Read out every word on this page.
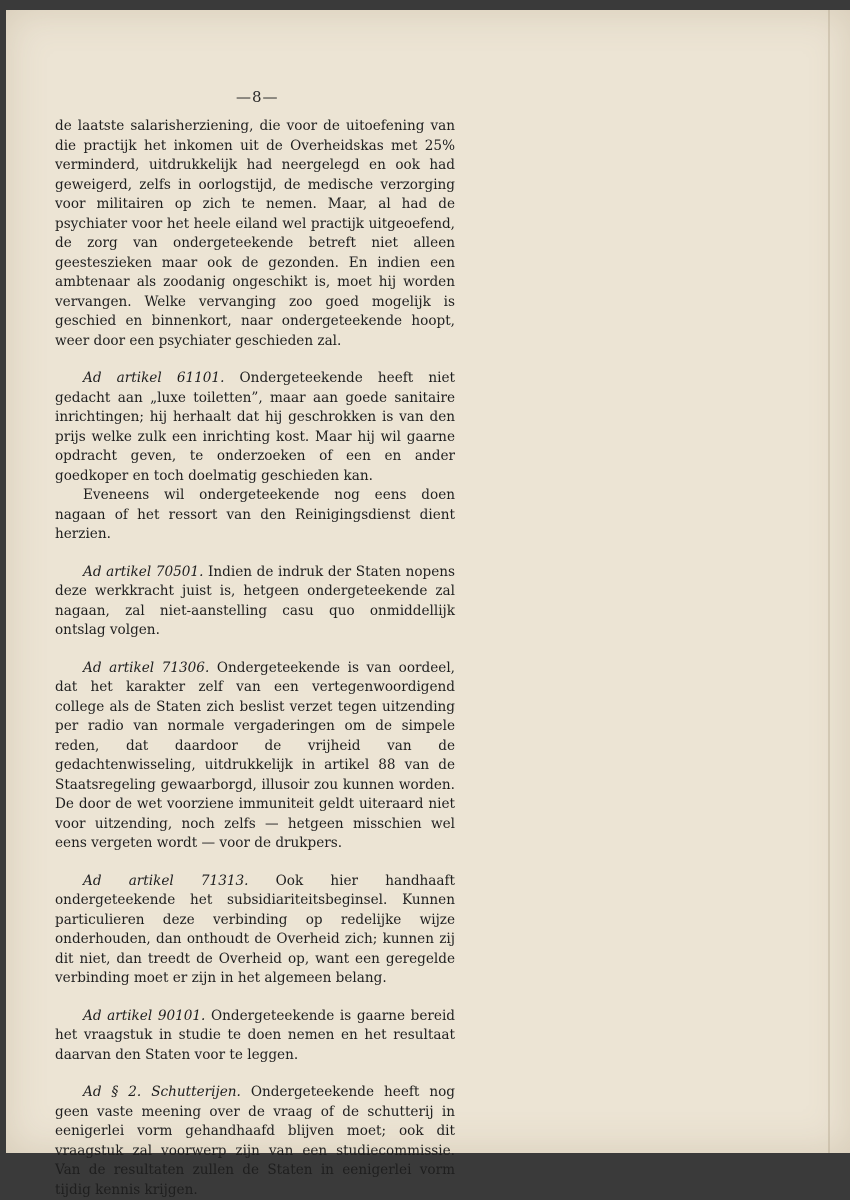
—8—

de laatste salarisherziening, die voor de uitoefening van die practijk het inkomen uit de Overheidskas met 25% verminderd, uitdrukkelijk had neergelegd en ook had geweigerd, zelfs in oorlogstijd, de medische verzorging voor militairen op zich te nemen. Maar, al had de psychiater voor het heele eiland wel practijk uitgeoefend, de zorg van ondergeteekende betreft niet alleen geesteszieken maar ook de gezonden. En indien een ambtenaar als zoodanig ongeschikt is, moet hij worden vervangen. Welke vervanging zoo goed mogelijk is geschied en binnenkort, naar ondergeteekende hoopt, weer door een psychiater geschieden zal.

Ad artikel 61101. Ondergeteekende heeft niet gedacht aan „luxe toiletten”, maar aan goede sanitaire inrichtingen; hij herhaalt dat hij geschrokken is van den prijs welke zulk een inrichting kost. Maar hij wil gaarne opdracht geven, te onderzoeken of een en ander goedkoper en toch doelmatig geschieden kan.

Eveneens wil ondergeteekende nog eens doen nagaan of het ressort van den Reinigingsdienst dient herzien.

Ad artikel 70501. Indien de indruk der Staten nopens deze werkkracht juist is, hetgeen ondergeteekende zal nagaan, zal niet-aanstelling casu quo onmiddellijk ontslag volgen.

Ad artikel 71306. Ondergeteekende is van oordeel, dat het karakter zelf van een vertegenwoordigend college als de Staten zich beslist verzet tegen uitzending per radio van normale vergaderingen om de simpele reden, dat daardoor de vrijheid van de gedachtenwisseling, uitdrukkelijk in artikel 88 van de Staatsregeling gewaarborgd, illusoir zou kunnen worden. De door de wet voorziene immuniteit geldt uiteraard niet voor uitzending, noch zelfs — hetgeen misschien wel eens vergeten wordt — voor de drukpers.

Ad artikel 71313. Ook hier handhaaft ondergeteekende het subsidiariteitsbeginsel. Kunnen particulieren deze verbinding op redelijke wijze onderhouden, dan onthoudt de Overheid zich; kunnen zij dit niet, dan treedt de Overheid op, want een geregelde verbinding moet er zijn in het algemeen belang.

Ad artikel 90101. Ondergeteekende is gaarne bereid het vraagstuk in studie te doen nemen en het resultaat daarvan den Staten voor te leggen.

Ad § 2. Schutterijen. Ondergeteekende heeft nog geen vaste meening over de vraag of de schutterij in eenigerlei vorm gehandhaafd blijven moet; ook dit vraagstuk zal voorwerp zijn van een studiecommissie. Van de resultaten zullen de Staten in eenigerlei vorm tijdig kennis krijgen.
